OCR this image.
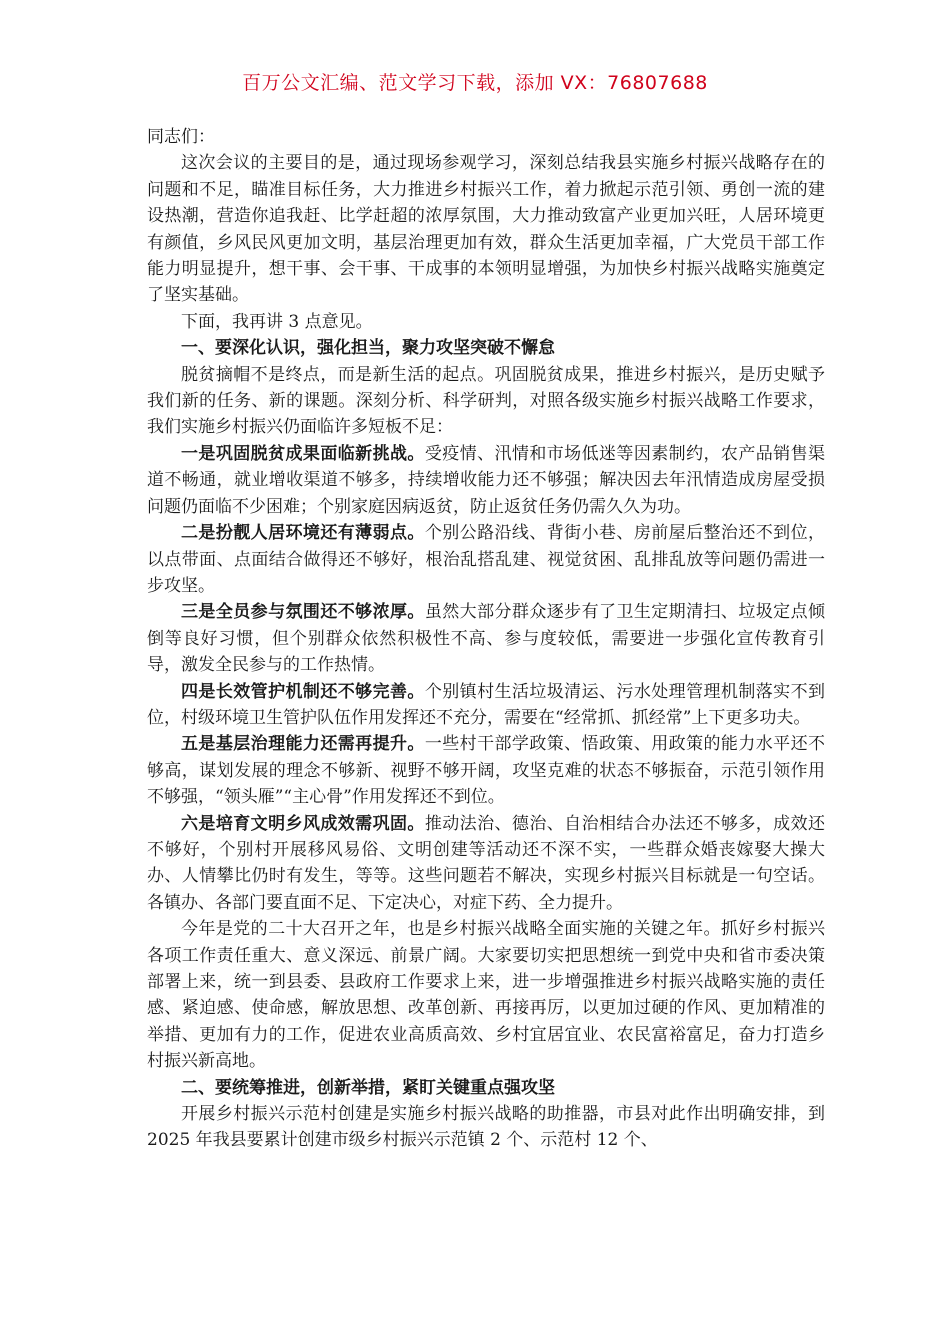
百万公文汇编、范文学习下载，添加 VX：76807688

同志们：

这次会议的主要目的是，通过现场参观学习，深刻总结我县实施乡村振兴战略存在的问题和不足，瞄准目标任务，大力推进乡村振兴工作，着力掀起示范引领、勇创一流的建设热潮，营造你追我赶、比学赶超的浓厚氛围，大力推动致富产业更加兴旺，人居环境更有颜值，乡风民风更加文明，基层治理更加有效，群众生活更加幸福，广大党员干部工作能力明显提升，想干事、会干事、干成事的本领明显增强，为加快乡村振兴战略实施奠定了坚实基础。

下面，我再讲 3 点意见。

一、要深化认识，强化担当，聚力攻坚突破不懈怠

脱贫摘帽不是终点，而是新生活的起点。巩固脱贫成果，推进乡村振兴，是历史赋予我们新的任务、新的课题。深刻分析、科学研判，对照各级实施乡村振兴战略工作要求，我们实施乡村振兴仍面临许多短板不足：

一是巩固脱贫成果面临新挑战。受疫情、汛情和市场低迷等因素制约，农产品销售渠道不畅通，就业增收渠道不够多，持续增收能力还不够强；解决因去年汛情造成房屋受损问题仍面临不少困难；个别家庭因病返贫，防止返贫任务仍需久久为功。

二是扮靓人居环境还有薄弱点。个别公路沿线、背街小巷、房前屋后整治还不到位，以点带面、点面结合做得还不够好，根治乱搭乱建、视觉贫困、乱排乱放等问题仍需进一步攻坚。

三是全员参与氛围还不够浓厚。虽然大部分群众逐步有了卫生定期清扫、垃圾定点倾倒等良好习惯，但个别群众依然积极性不高、参与度较低，需要进一步强化宣传教育引导，激发全民参与的工作热情。

四是长效管护机制还不够完善。个别镇村生活垃圾清运、污水处理管理机制落实不到位，村级环境卫生管护队伍作用发挥还不充分，需要在“经常抓、抓经常”上下更多功夫。

五是基层治理能力还需再提升。一些村干部学政策、悟政策、用政策的能力水平还不够高，谋划发展的理念不够新、视野不够开阔，攻坚克难的状态不够振奋，示范引领作用不够强，“领头雁”“主心骨”作用发挥还不到位。

六是培育文明乡风成效需巩固。推动法治、德治、自治相结合办法还不够多，成效还不够好，个别村开展移风易俗、文明创建等活动还不深不实，一些群众婚丧嫁娶大操大办、人情攀比仍时有发生，等等。这些问题若不解决，实现乡村振兴目标就是一句空话。各镇办、各部门要直面不足、下定决心，对症下药、全力提升。

今年是党的二十大召开之年，也是乡村振兴战略全面实施的关键之年。抓好乡村振兴各项工作责任重大、意义深远、前景广阔。大家要切实把思想统一到党中央和省市委决策部署上来，统一到县委、县政府工作要求上来，进一步增强推进乡村振兴战略实施的责任感、紧迫感、使命感，解放思想、改革创新、再接再厉，以更加过硬的作风、更加精准的举措、更加有力的工作，促进农业高质高效、乡村宜居宜业、农民富裕富足，奋力打造乡村振兴新高地。

二、要统筹推进，创新举措，紧盯关键重点强攻坚

开展乡村振兴示范村创建是实施乡村振兴战略的助推器，市县对此作出明确安排，到 2025 年我县要累计创建市级乡村振兴示范镇 2 个、示范村 12 个、
